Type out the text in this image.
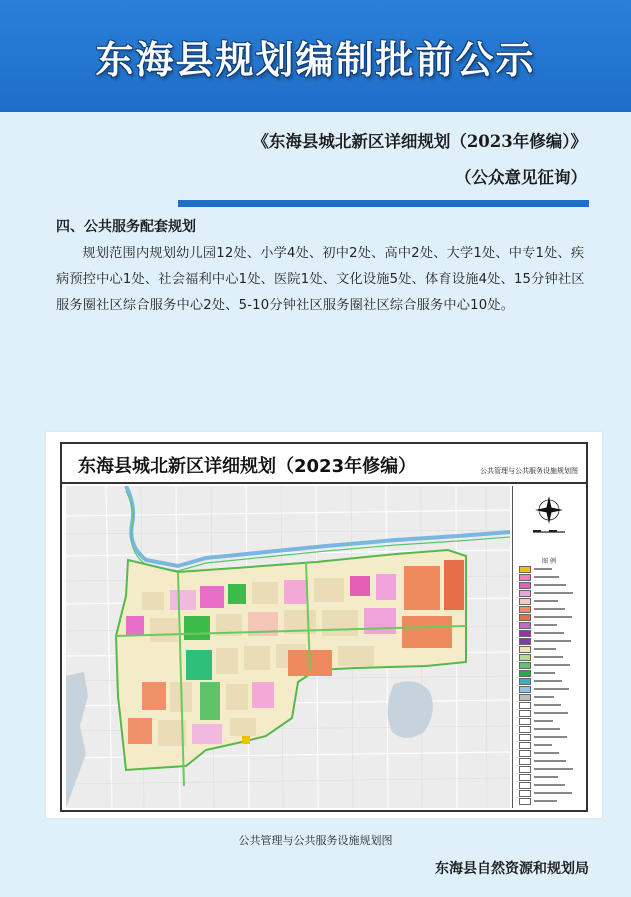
东海县规划编制批前公示
《东海县城北新区详细规划（2023年修编）》
（公众意见征询）
四、公共服务配套规划
规划范围内规划幼儿园12处、小学4处、初中2处、高中2处、大学1处、中专1处、疾病预控中心1处、社会福利中心1处、医院1处、文化设施5处、体育设施4处、15分钟社区服务圈社区综合服务中心2处、5-10分钟社区服务圈社区综合服务中心10处。
东海县城北新区详细规划（2023年修编）	公共管理与公共服务设施规划图
图 例
公共管理与公共服务设施规划图
东海县自然资源和规划局
